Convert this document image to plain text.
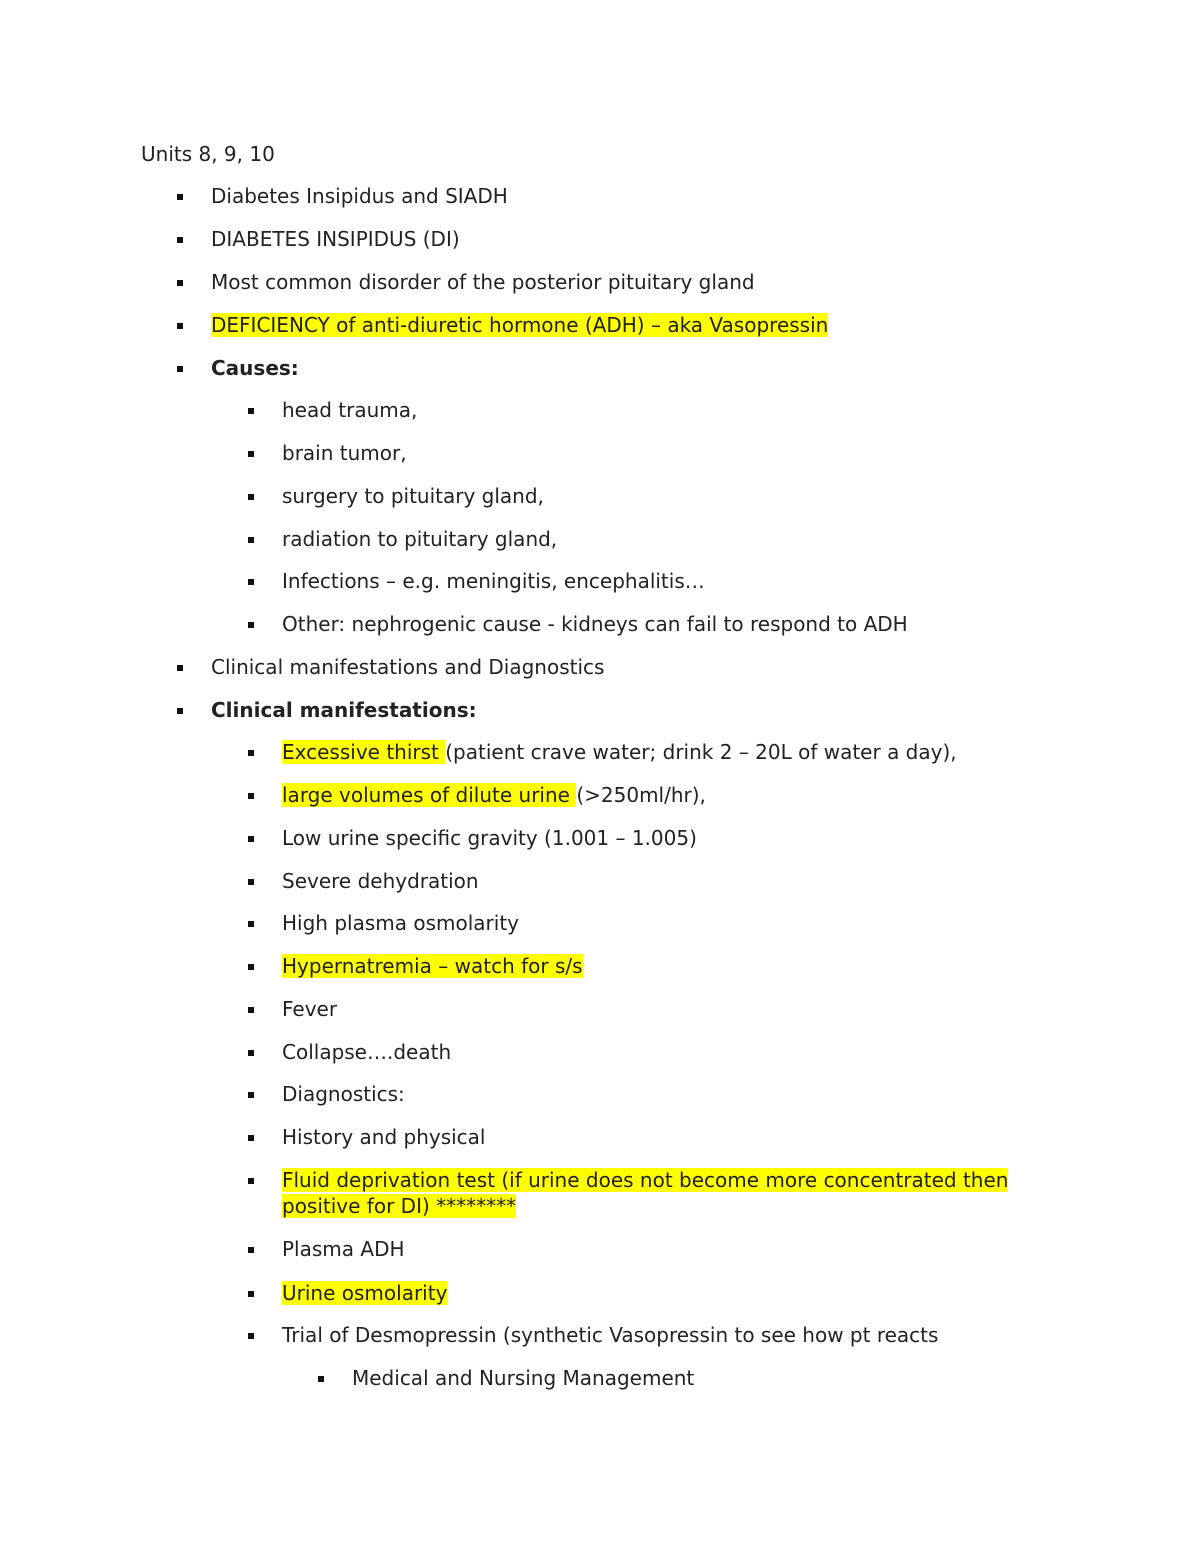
Units 8, 9, 10
Diabetes Insipidus and SIADH
DIABETES INSIPIDUS (DI)
Most common disorder of the posterior pituitary gland
DEFICIENCY of anti-diuretic hormone (ADH) – aka Vasopressin
Causes:
head trauma,
brain tumor,
surgery to pituitary gland,
radiation to pituitary gland,
Infections – e.g. meningitis, encephalitis…
Other: nephrogenic cause - kidneys can fail to respond to ADH
Clinical manifestations and Diagnostics
Clinical manifestations:
Excessive thirst (patient crave water; drink 2 – 20L of water a day),
large volumes of dilute urine (>250ml/hr),
Low urine specific gravity (1.001 – 1.005)
Severe dehydration
High plasma osmolarity
Hypernatremia – watch for s/s
Fever
Collapse….death
Diagnostics:
History and physical
Fluid deprivation test (if urine does not become more concentrated then positive for DI) ********
Plasma ADH
Urine osmolarity
Trial of Desmopressin (synthetic Vasopressin to see how pt reacts
Medical and Nursing Management
